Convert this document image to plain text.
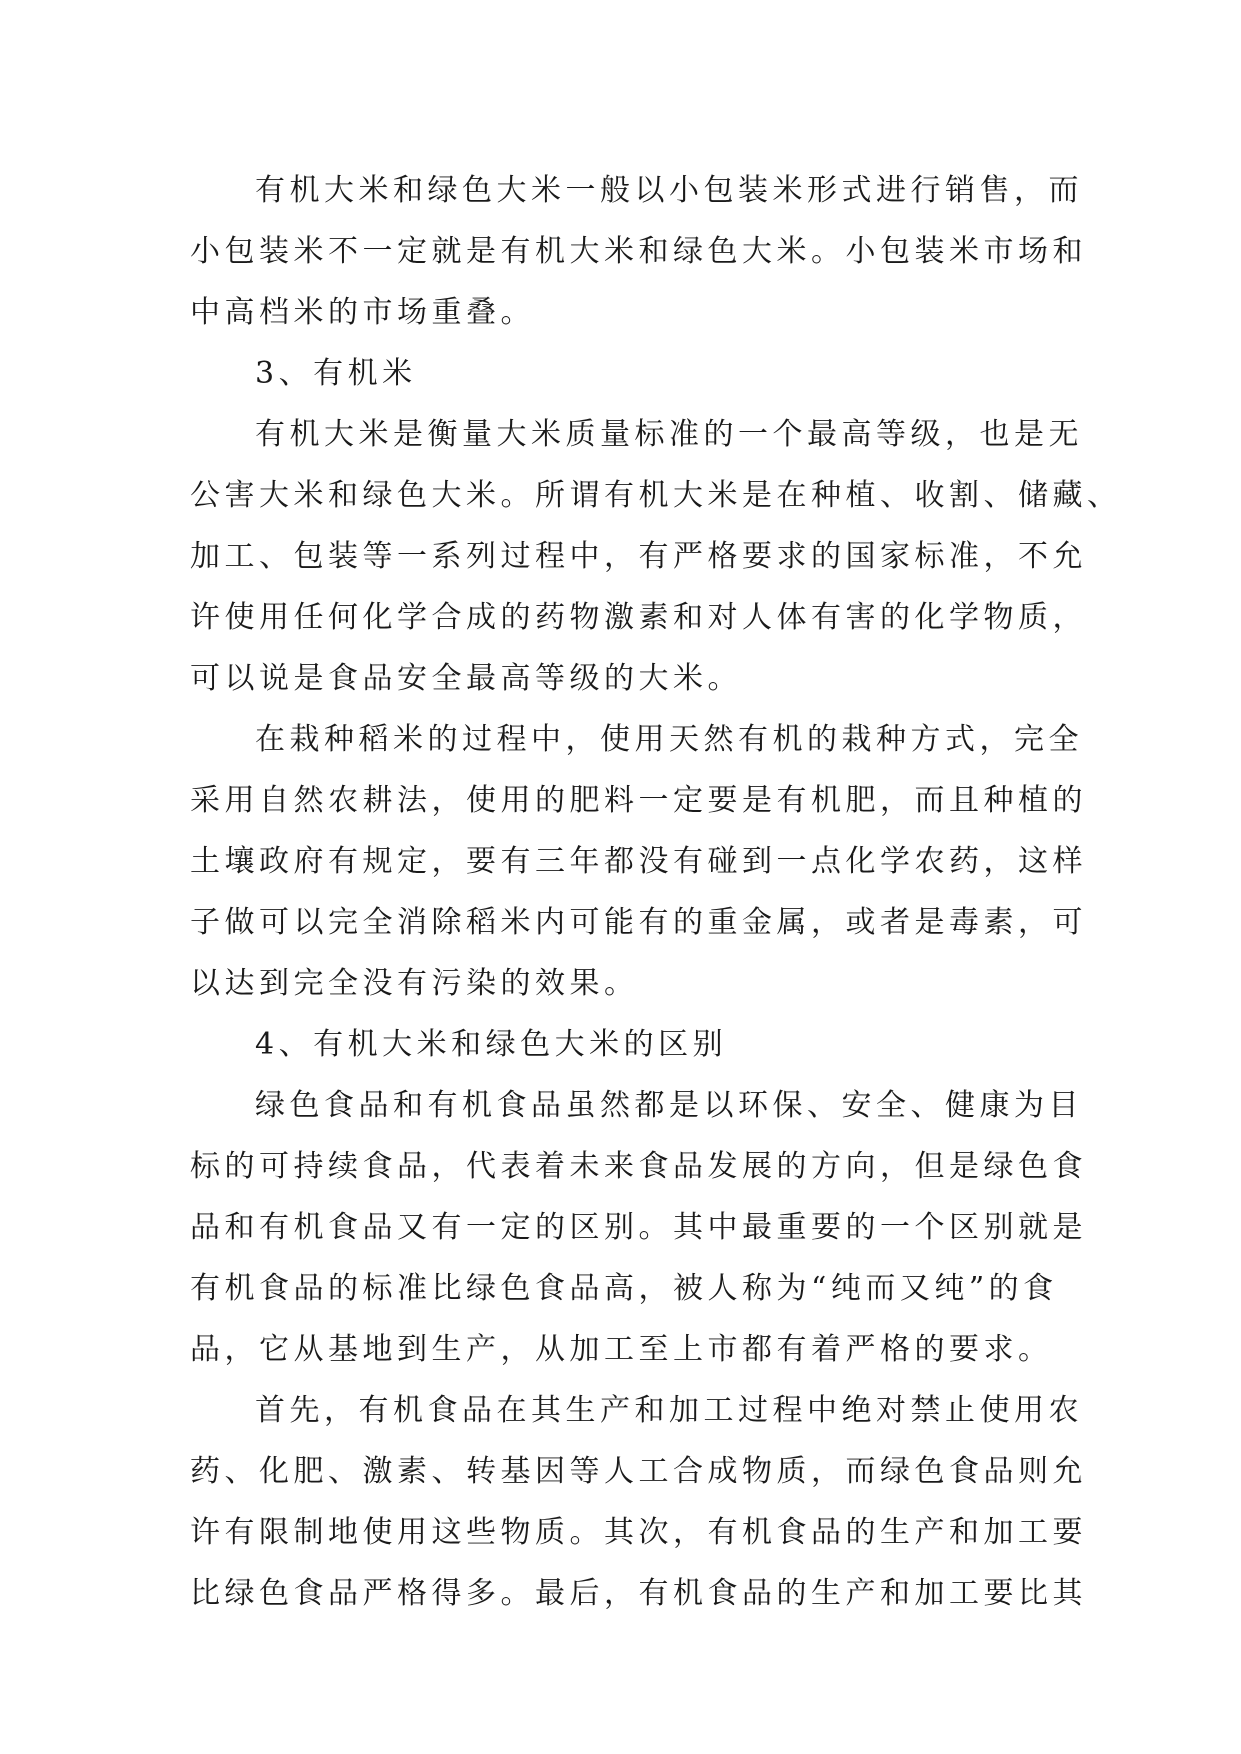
有机大米和绿色大米一般以小包装米形式进行销售，而
小包装米不一定就是有机大米和绿色大米。小包装米市场和
中高档米的市场重叠。
3、有机米
有机大米是衡量大米质量标准的一个最高等级，也是无
公害大米和绿色大米。所谓有机大米是在种植、收割、储藏、
加工、包装等一系列过程中，有严格要求的国家标准，不允
许使用任何化学合成的药物激素和对人体有害的化学物质，
可以说是食品安全最高等级的大米。
在栽种稻米的过程中，使用天然有机的栽种方式，完全
采用自然农耕法，使用的肥料一定要是有机肥，而且种植的
土壤政府有规定，要有三年都没有碰到一点化学农药，这样
子做可以完全消除稻米内可能有的重金属，或者是毒素，可
以达到完全没有污染的效果。
4、有机大米和绿色大米的区别
绿色食品和有机食品虽然都是以环保、安全、健康为目
标的可持续食品，代表着未来食品发展的方向，但是绿色食
品和有机食品又有一定的区别。其中最重要的一个区别就是
有机食品的标准比绿色食品高，被人称为“纯而又纯”的食
品，它从基地到生产，从加工至上市都有着严格的要求。
首先，有机食品在其生产和加工过程中绝对禁止使用农
药、化肥、激素、转基因等人工合成物质，而绿色食品则允
许有限制地使用这些物质。其次，有机食品的生产和加工要
比绿色食品严格得多。最后，有机食品的生产和加工要比其
